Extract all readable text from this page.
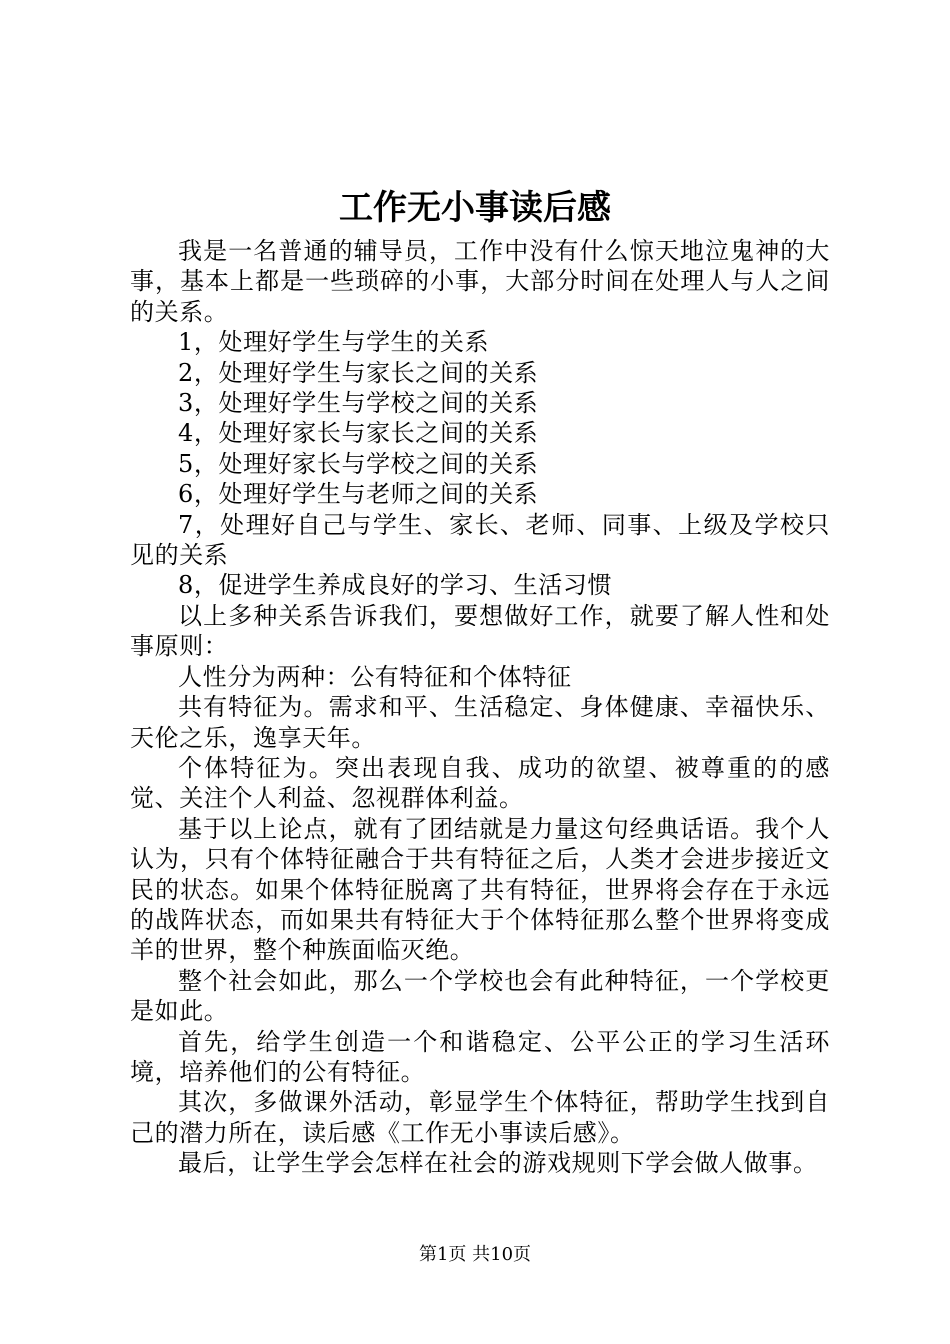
工作无小事读后感

我是一名普通的辅导员，工作中没有什么惊天地泣鬼神的大事，基本上都是一些琐碎的小事，大部分时间在处理人与人之间的关系。

1，处理好学生与学生的关系

2，处理好学生与家长之间的关系

3，处理好学生与学校之间的关系

4，处理好家长与家长之间的关系

5，处理好家长与学校之间的关系

6，处理好学生与老师之间的关系

7，处理好自己与学生、家长、老师、同事、上级及学校只见的关系

8，促进学生养成良好的学习、生活习惯

以上多种关系告诉我们，要想做好工作，就要了解人性和处事原则：

人性分为两种：公有特征和个体特征

共有特征为。需求和平、生活稳定、身体健康、幸福快乐、天伦之乐，逸享天年。

个体特征为。突出表现自我、成功的欲望、被尊重的的感觉、关注个人利益、忽视群体利益。

基于以上论点，就有了团结就是力量这句经典话语。我个人认为，只有个体特征融合于共有特征之后，人类才会进步接近文民的状态。如果个体特征脱离了共有特征，世界将会存在于永远的战阵状态，而如果共有特征大于个体特征那么整个世界将变成羊的世界，整个种族面临灭绝。

整个社会如此，那么一个学校也会有此种特征，一个学校更是如此。

首先，给学生创造一个和谐稳定、公平公正的学习生活环境，培养他们的公有特征。

其次，多做课外活动，彰显学生个体特征，帮助学生找到自己的潜力所在，读后感《工作无小事读后感》。

最后，让学生学会怎样在社会的游戏规则下学会做人做事。

第1页 共10页
